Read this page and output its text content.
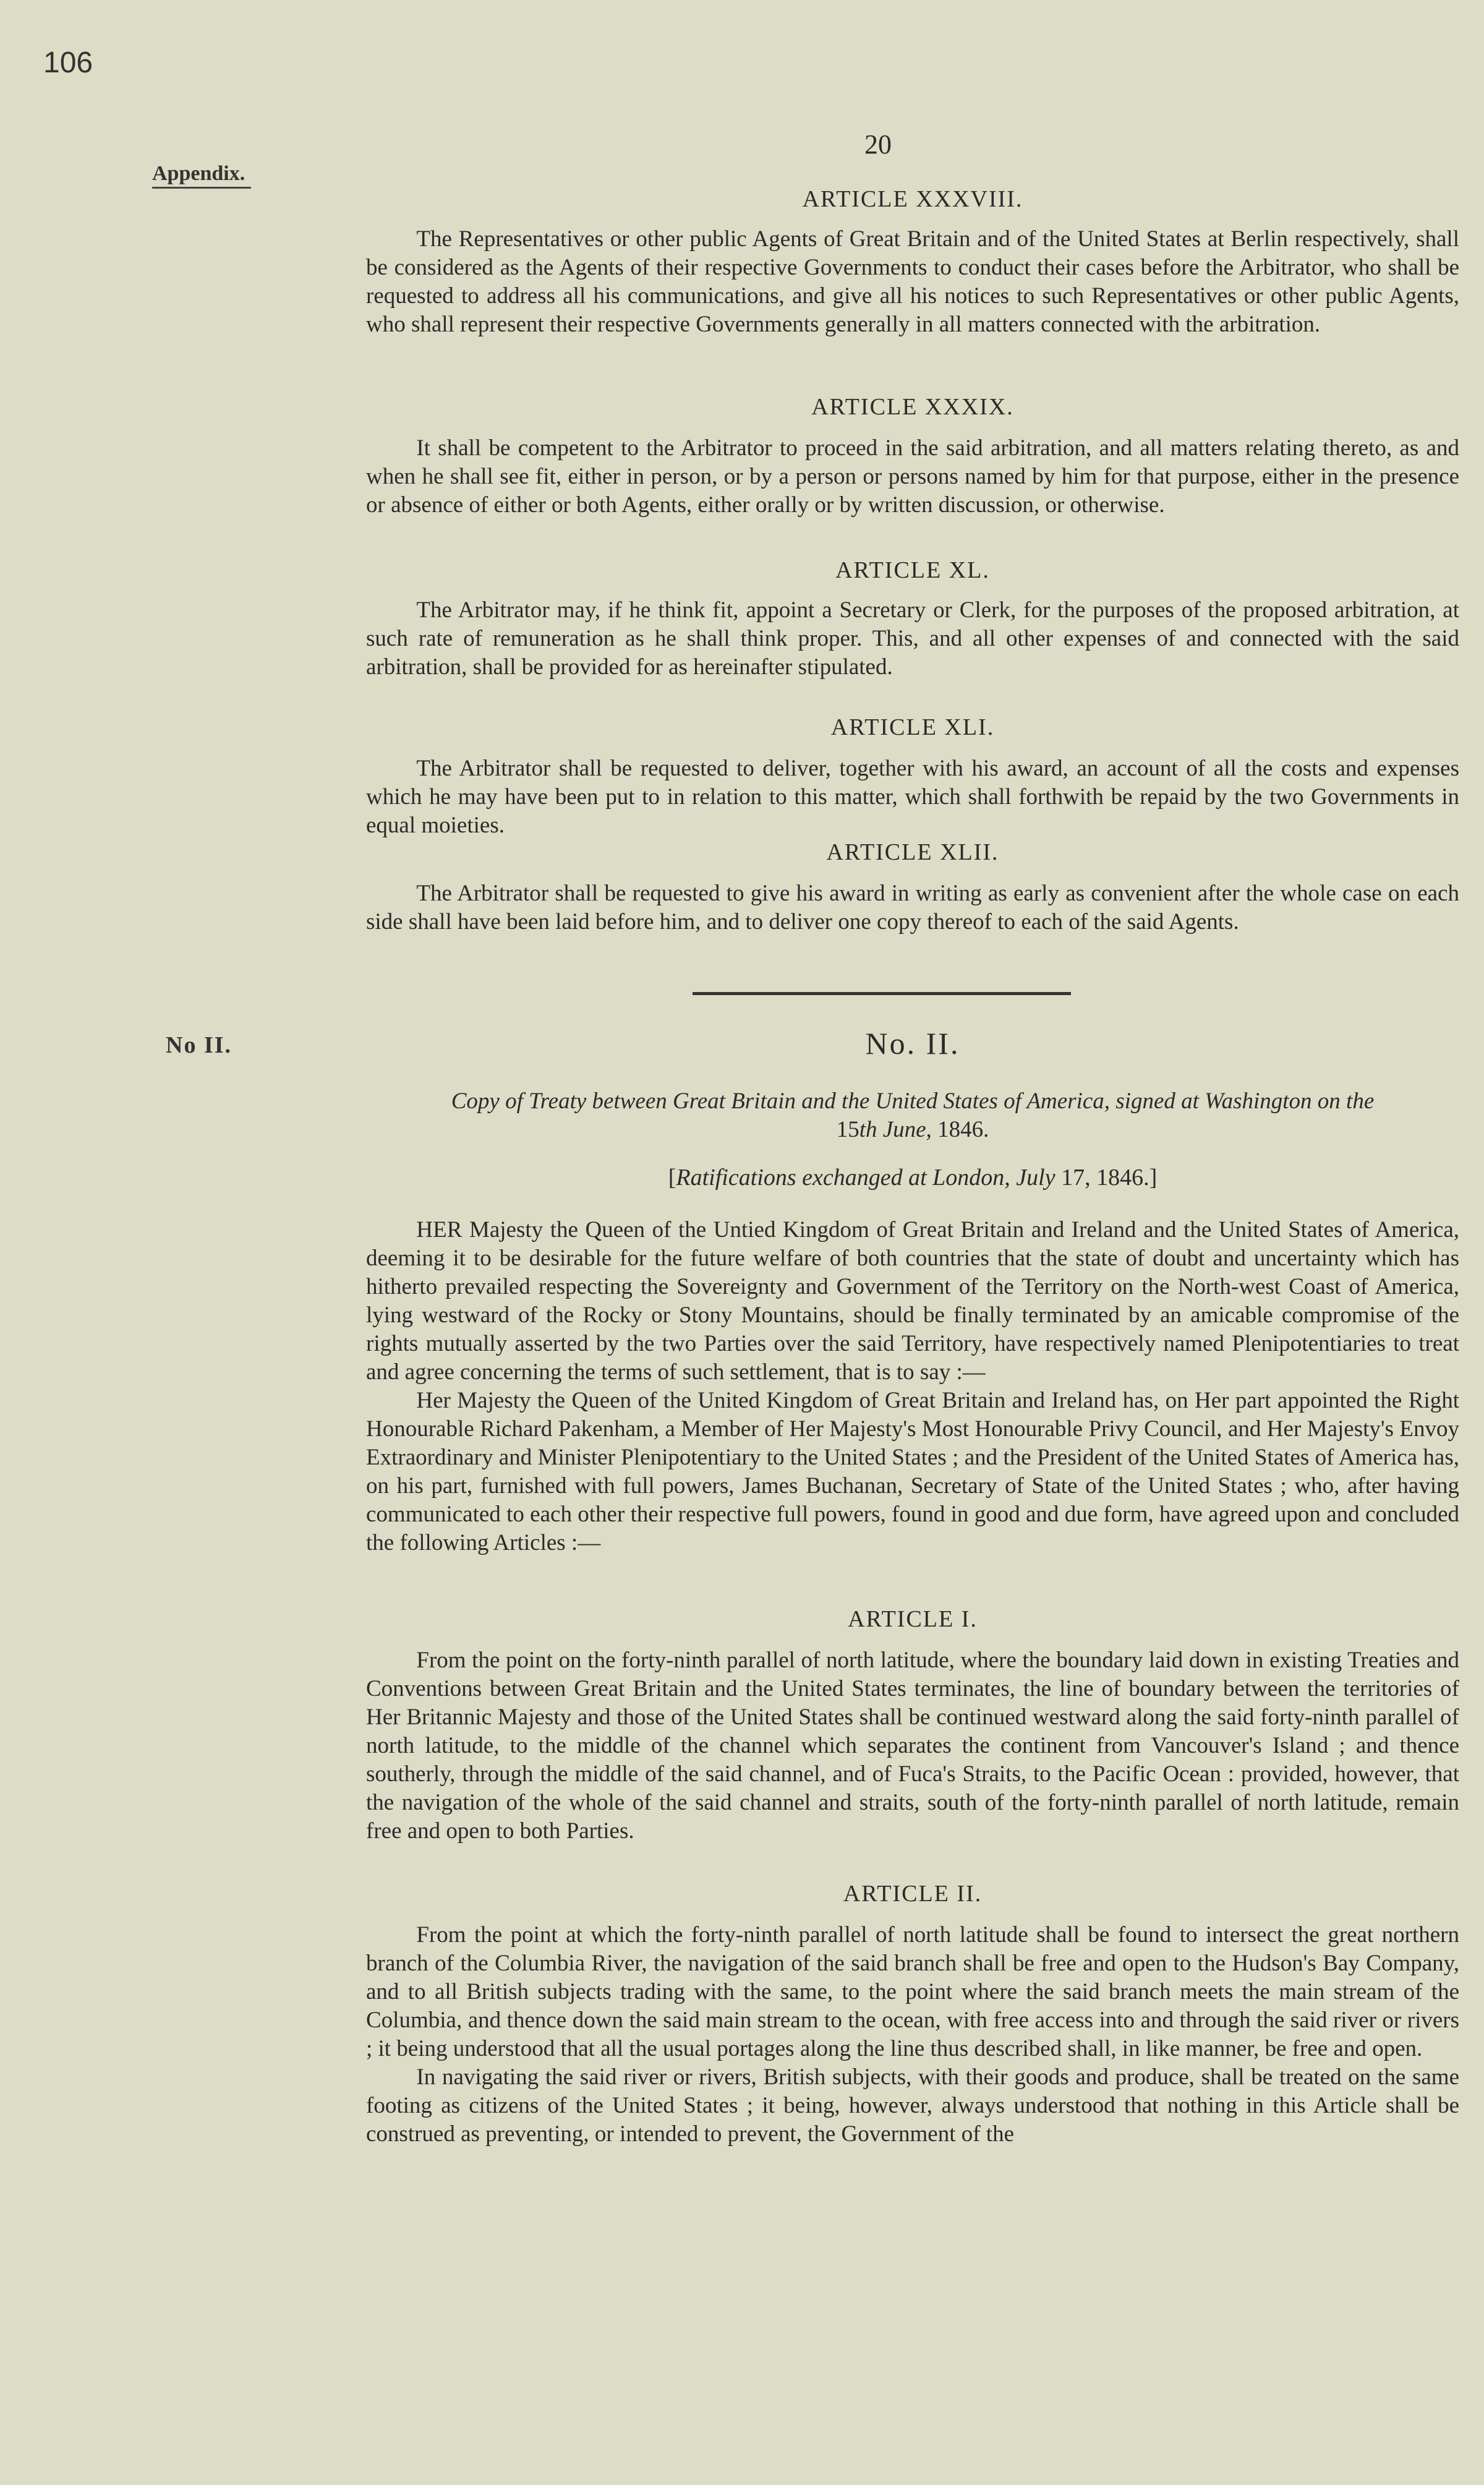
106
Appendix.
No II.
20

ARTICLE XXXVIII.

The Representatives or other public Agents of Great Britain and of the United States at Berlin respectively, shall be considered as the Agents of their respective Governments to conduct their cases before the Arbitrator, who shall be requested to address all his communications, and give all his notices to such Representatives or other public Agents, who shall represent their respective Governments generally in all matters connected with the arbitration.

ARTICLE XXXIX.

It shall be competent to the Arbitrator to proceed in the said arbitration, and all matters relating thereto, as and when he shall see fit, either in person, or by a person or persons named by him for that purpose, either in the presence or absence of either or both Agents, either orally or by written discussion, or otherwise.

ARTICLE XL.

The Arbitrator may, if he think fit, appoint a Secretary or Clerk, for the purposes of the proposed arbitration, at such rate of remuneration as he shall think proper. This, and all other expenses of and connected with the said arbitration, shall be provided for as hereinafter stipulated.

ARTICLE XLI.

The Arbitrator shall be requested to deliver, together with his award, an account of all the costs and expenses which he may have been put to in relation to this matter, which shall forthwith be repaid by the two Governments in equal moieties.

ARTICLE XLII.

The Arbitrator shall be requested to give his award in writing as early as convenient after the whole case on each side shall have been laid before him, and to deliver one copy thereof to each of the said Agents.

No. II.
Copy of Treaty between Great Britain and the United States of America, signed at Washington on the
15th June, 1846.
[Ratifications exchanged at London, July 17, 1846.]

HER Majesty the Queen of the Untied Kingdom of Great Britain and Ireland and the United States of America, deeming it to be desirable for the future welfare of both countries that the state of doubt and uncertainty which has hitherto prevailed respecting the Sovereignty and Government of the Territory on the North-west Coast of America, lying westward of the Rocky or Stony Mountains, should be finally terminated by an amicable compromise of the rights mutually asserted by the two Parties over the said Territory, have respectively named Plenipotentiaries to treat and agree concerning the terms of such settlement, that is to say :—

Her Majesty the Queen of the United Kingdom of Great Britain and Ireland has, on Her part appointed the Right Honourable Richard Pakenham, a Member of Her Majesty's Most Honourable Privy Council, and Her Majesty's Envoy Extraordinary and Minister Plenipotentiary to the United States ; and the President of the United States of America has, on his part, furnished with full powers, James Buchanan, Secretary of State of the United States ; who, after having communicated to each other their respective full powers, found in good and due form, have agreed upon and concluded the following Articles :—

ARTICLE I.

From the point on the forty-ninth parallel of north latitude, where the boundary laid down in existing Treaties and Conventions between Great Britain and the United States terminates, the line of boundary between the territories of Her Britannic Majesty and those of the United States shall be continued westward along the said forty-ninth parallel of north latitude, to the middle of the channel which separates the continent from Vancouver's Island ; and thence southerly, through the middle of the said channel, and of Fuca's Straits, to the Pacific Ocean : provided, however, that the navigation of the whole of the said channel and straits, south of the forty-ninth parallel of north latitude, remain free and open to both Parties.

ARTICLE II.

From the point at which the forty-ninth parallel of north latitude shall be found to intersect the great northern branch of the Columbia River, the navigation of the said branch shall be free and open to the Hudson's Bay Company, and to all British subjects trading with the same, to the point where the said branch meets the main stream of the Columbia, and thence down the said main stream to the ocean, with free access into and through the said river or rivers ; it being understood that all the usual portages along the line thus described shall, in like manner, be free and open.

In navigating the said river or rivers, British subjects, with their goods and produce, shall be treated on the same footing as citizens of the United States ; it being, however, always understood that nothing in this Article shall be construed as preventing, or intended to prevent, the Government of the
